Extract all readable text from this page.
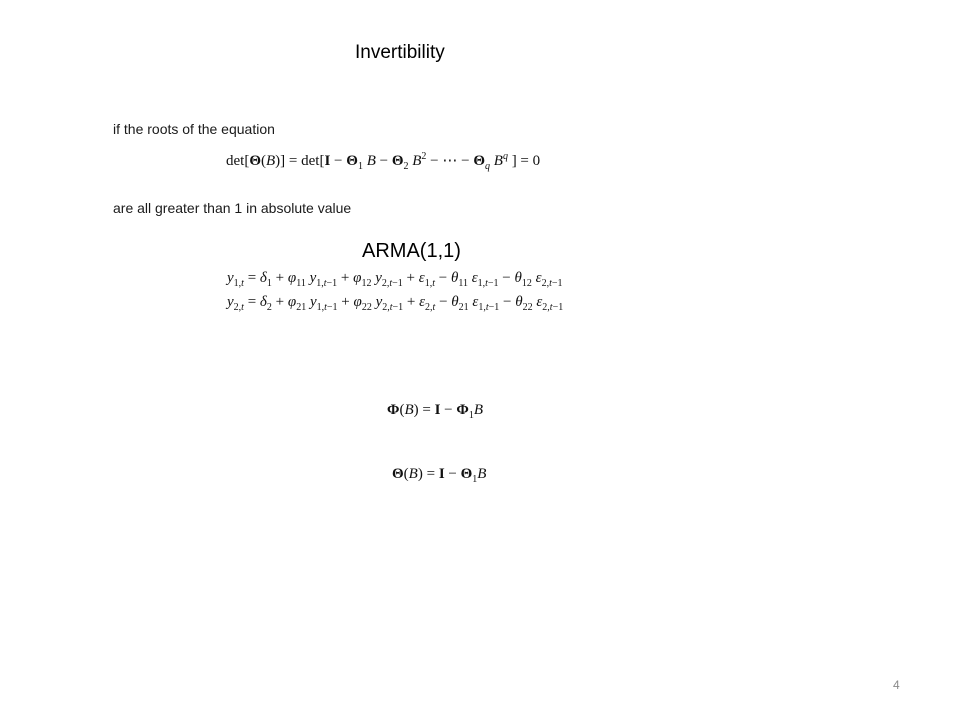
Invertibility
if the roots of the equation
$\det[\Theta(B)] = \det[I - \Theta_1$ $B - \Theta_2$ $B^2$ − ⋯ − $\Theta_q$ $B^q$ ] = 0
are all greater than 1 in absolute value
ARMA(1,1)
$y_{1,t} = \delta_1 + \varphi_{11}$ $y_{1,t-1} + \varphi_{12}$ $y_{2,t-1} + \varepsilon_{1,t} - \theta_{11}$ $\varepsilon_{1,t-1} - \theta_{12}$ $\varepsilon_{2,t-1}$
$y_{2,t} = \delta_2 + \varphi_{21}$ $y_{1,t-1} + \varphi_{22}$ $y_{2,t-1} + \varepsilon_{2,t} - \theta_{21}$ $\varepsilon_{1,t-1} - \theta_{22}$ $\varepsilon_{2,t-1}$
$\Phi(B) = I - \Phi_1B$
$\Theta(B) = I - \Theta_1B$
4
